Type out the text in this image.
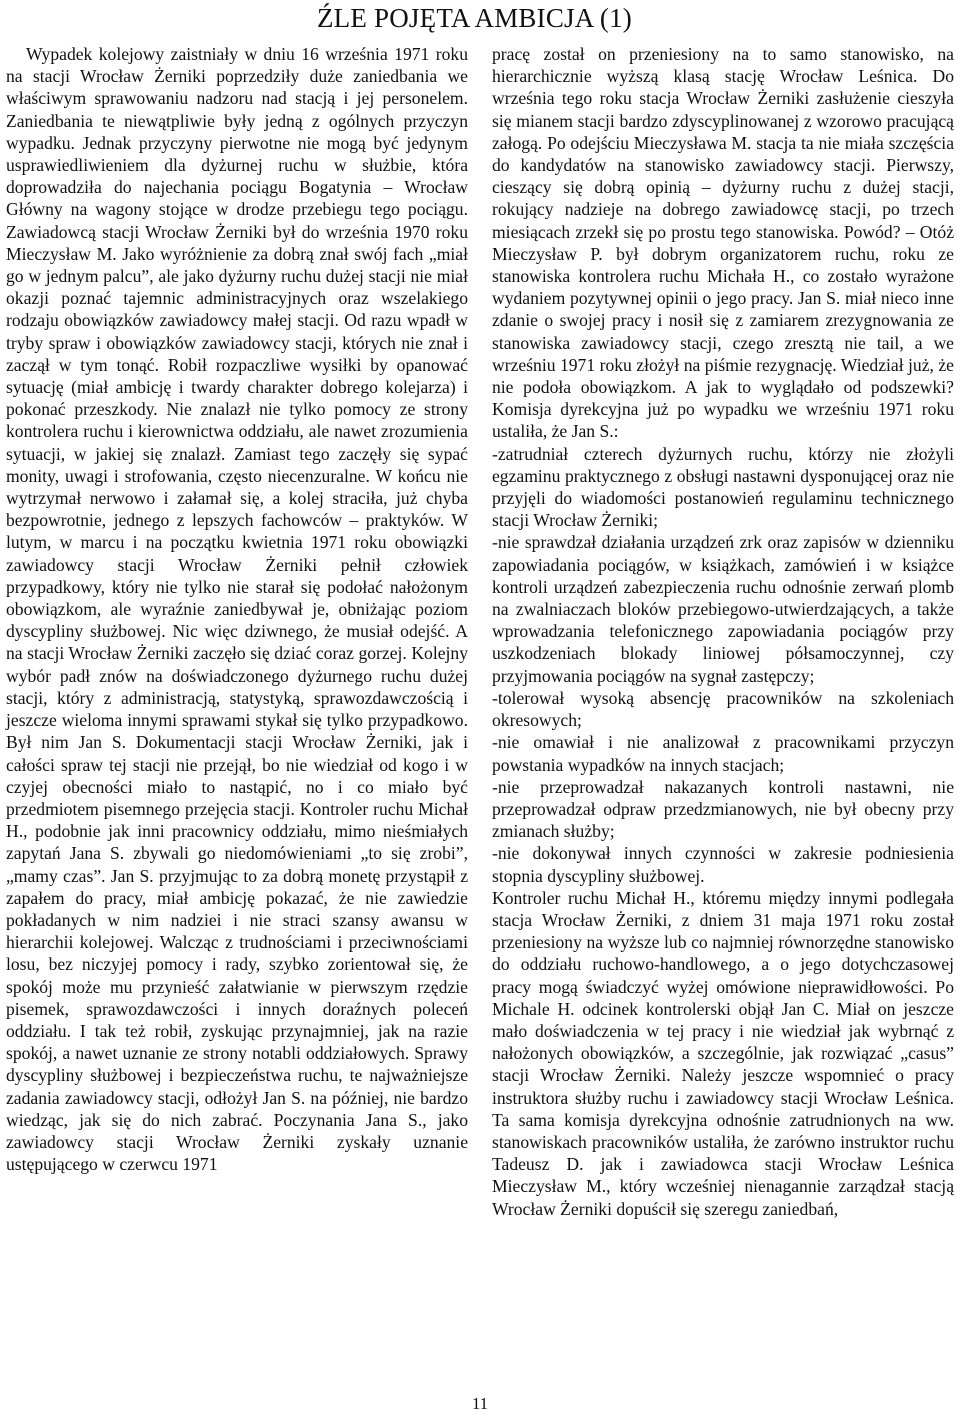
ŹLE POJĘTA AMBICJA (1)

Wypadek kolejowy zaistniały w dniu 16 września 1971 roku na stacji Wrocław Żerniki poprzedziły duże zaniedbania we właściwym sprawowaniu nadzoru nad stacją i jej personelem. Zaniedbania te niewątpliwie były jedną z ogólnych przyczyn wypadku. Jednak przyczyny pierwotne nie mogą być jedynym usprawiedliwieniem dla dyżurnej ruchu w służbie, która doprowadziła do najechania pociągu Bogatynia – Wrocław Główny na wagony stojące w drodze przebiegu tego pociągu. Zawiadowcą stacji Wrocław Żerniki był do września 1970 roku Mieczysław M. Jako wyróżnienie za dobrą znał swój fach „miał go w jednym palcu”, ale jako dyżurny ruchu dużej stacji nie miał okazji poznać tajemnic administracyjnych oraz wszelakiego rodzaju obowiązków zawiadowcy małej stacji. Od razu wpadł w tryby spraw i obowiązków zawiadowcy stacji, których nie znał i zaczął w tym tonąć. Robił rozpaczliwe wysiłki by opanować sytuację (miał ambicję i twardy charakter dobrego kolejarza) i pokonać przeszkody. Nie znalazł nie tylko pomocy ze strony kontrolera ruchu i kierownictwa oddziału, ale nawet zrozumienia sytuacji, w jakiej się znalazł. Zamiast tego zaczęły się sypać monity, uwagi i strofowania, często niecenzuralne. W końcu nie wytrzymał nerwowo i załamał się, a kolej straciła, już chyba bezpowrotnie, jednego z lepszych fachowców – praktyków. W lutym, w marcu i na początku kwietnia 1971 roku obowiązki zawiadowcy stacji Wrocław Żerniki pełnił człowiek przypadkowy, który nie tylko nie starał się podołać nałożonym obowiązkom, ale wyraźnie zaniedbywał je, obniżając poziom dyscypliny służbowej. Nic więc dziwnego, że musiał odejść. A na stacji Wrocław Żerniki zaczęło się dziać coraz gorzej. Kolejny wybór padł znów na doświadczonego dyżurnego ruchu dużej stacji, który z administracją, statystyką, sprawozdawczością i jeszcze wieloma innymi sprawami stykał się tylko przypadkowo. Był nim Jan S. Dokumentacji stacji Wrocław Żerniki, jak i całości spraw tej stacji nie przejął, bo nie wiedział od kogo i w czyjej obecności miało to nastąpić, no i co miało być przedmiotem pisemnego przejęcia stacji. Kontroler ruchu Michał H., podobnie jak inni pracownicy oddziału, mimo nieśmiałych zapytań Jana S. zbywali go niedomówieniami „to się zrobi”, „mamy czas”. Jan S. przyjmując to za dobrą monetę przystąpił z zapałem do pracy, miał ambicję pokazać, że nie zawiedzie pokładanych w nim nadziei i nie straci szansy awansu w hierarchii kolejowej. Walcząc z trudnościami i przeciwnościami losu, bez niczyjej pomocy i rady, szybko zorientował się, że spokój może mu przynieść załatwianie w pierwszym rzędzie pisemek, sprawozdawczości i innych doraźnych poleceń oddziału. I tak też robił, zyskując przynajmniej, jak na razie spokój, a nawet uznanie ze strony notabli oddziałowych. Sprawy dyscypliny służbowej i bezpieczeństwa ruchu, te najważniejsze zadania zawiadowcy stacji, odłożył Jan S. na później, nie bardzo wiedząc, jak się do nich zabrać. Poczynania Jana S., jako zawiadowcy stacji Wrocław Żerniki zyskały uznanie ustępującego w czerwcu 1971

pracę został on przeniesiony na to samo stanowisko, na hierarchicznie wyższą klasą stację Wrocław Leśnica. Do września tego roku stacja Wrocław Żerniki zasłużenie cieszyła się mianem stacji bardzo zdyscyplinowanej z wzorowo pracującą załogą. Po odejściu Mieczysława M. stacja ta nie miała szczęścia do kandydatów na stanowisko zawiadowcy stacji. Pierwszy, cieszący się dobrą opinią – dyżurny ruchu z dużej stacji, rokujący nadzieje na dobrego zawiadowcę stacji, po trzech miesiącach zrzekł się po prostu tego stanowiska. Powód? – Otóż Mieczysław P. był dobrym organizatorem ruchu, roku ze stanowiska kontrolera ruchu Michała H., co zostało wyrażone wydaniem pozytywnej opinii o jego pracy. Jan S. miał nieco inne zdanie o swojej pracy i nosił się z zamiarem zrezygnowania ze stanowiska zawiadowcy stacji, czego zresztą nie tail, a we wrześniu 1971 roku złożył na piśmie rezygnację. Wiedział już, że nie podoła obowiązkom. A jak to wyglądało od podszewki? Komisja dyrekcyjna już po wypadku we wrześniu 1971 roku ustaliła, że Jan S.:

-zatrudniał czterech dyżurnych ruchu, którzy nie złożyli egzaminu praktycznego z obsługi nastawni dysponującej oraz nie przyjęli do wiadomości postanowień regulaminu technicznego stacji Wrocław Żerniki;

-nie sprawdzał działania urządzeń zrk oraz zapisów w dzienniku zapowiadania pociągów, w książkach, zamówień i w książce kontroli urządzeń zabezpieczenia ruchu odnośnie zerwań plomb na zwalniaczach bloków przebiegowo-utwierdzających, a także wprowadzania telefonicznego zapowiadania pociągów przy uszkodzeniach blokady liniowej półsamoczynnej, czy przyjmowania pociągów na sygnał zastępczy;

-tolerował wysoką absencję pracowników na szkoleniach okresowych;

-nie omawiał i nie analizował z pracownikami przyczyn powstania wypadków na innych stacjach;

-nie przeprowadzał nakazanych kontroli nastawni, nie przeprowadzał odpraw przedzmianowych, nie był obecny przy zmianach służby;

-nie dokonywał innych czynności w zakresie podniesienia stopnia dyscypliny służbowej.

Kontroler ruchu Michał H., któremu między innymi podlegała stacja Wrocław Żerniki, z dniem 31 maja 1971 roku został przeniesiony na wyższe lub co najmniej równorzędne stanowisko do oddziału ruchowo-handlowego, a o jego dotychczasowej pracy mogą świadczyć wyżej omówione nieprawidłowości. Po Michale H. odcinek kontrolerski objął Jan C. Miał on jeszcze mało doświadczenia w tej pracy i nie wiedział jak wybrnąć z nałożonych obowiązków, a szczególnie, jak rozwiązać „casus” stacji Wrocław Żerniki. Należy jeszcze wspomnieć o pracy instruktora służby ruchu i zawiadowcy stacji Wrocław Leśnica. Ta sama komisja dyrekcyjna odnośnie zatrudnionych na ww. stanowiskach pracowników ustaliła, że zarówno instruktor ruchu Tadeusz D. jak i zawiadowca stacji Wrocław Leśnica Mieczysław M., który wcześniej nienagannie zarządzał stacją Wrocław Żerniki dopuścił się szeregu zaniedbań,

11
